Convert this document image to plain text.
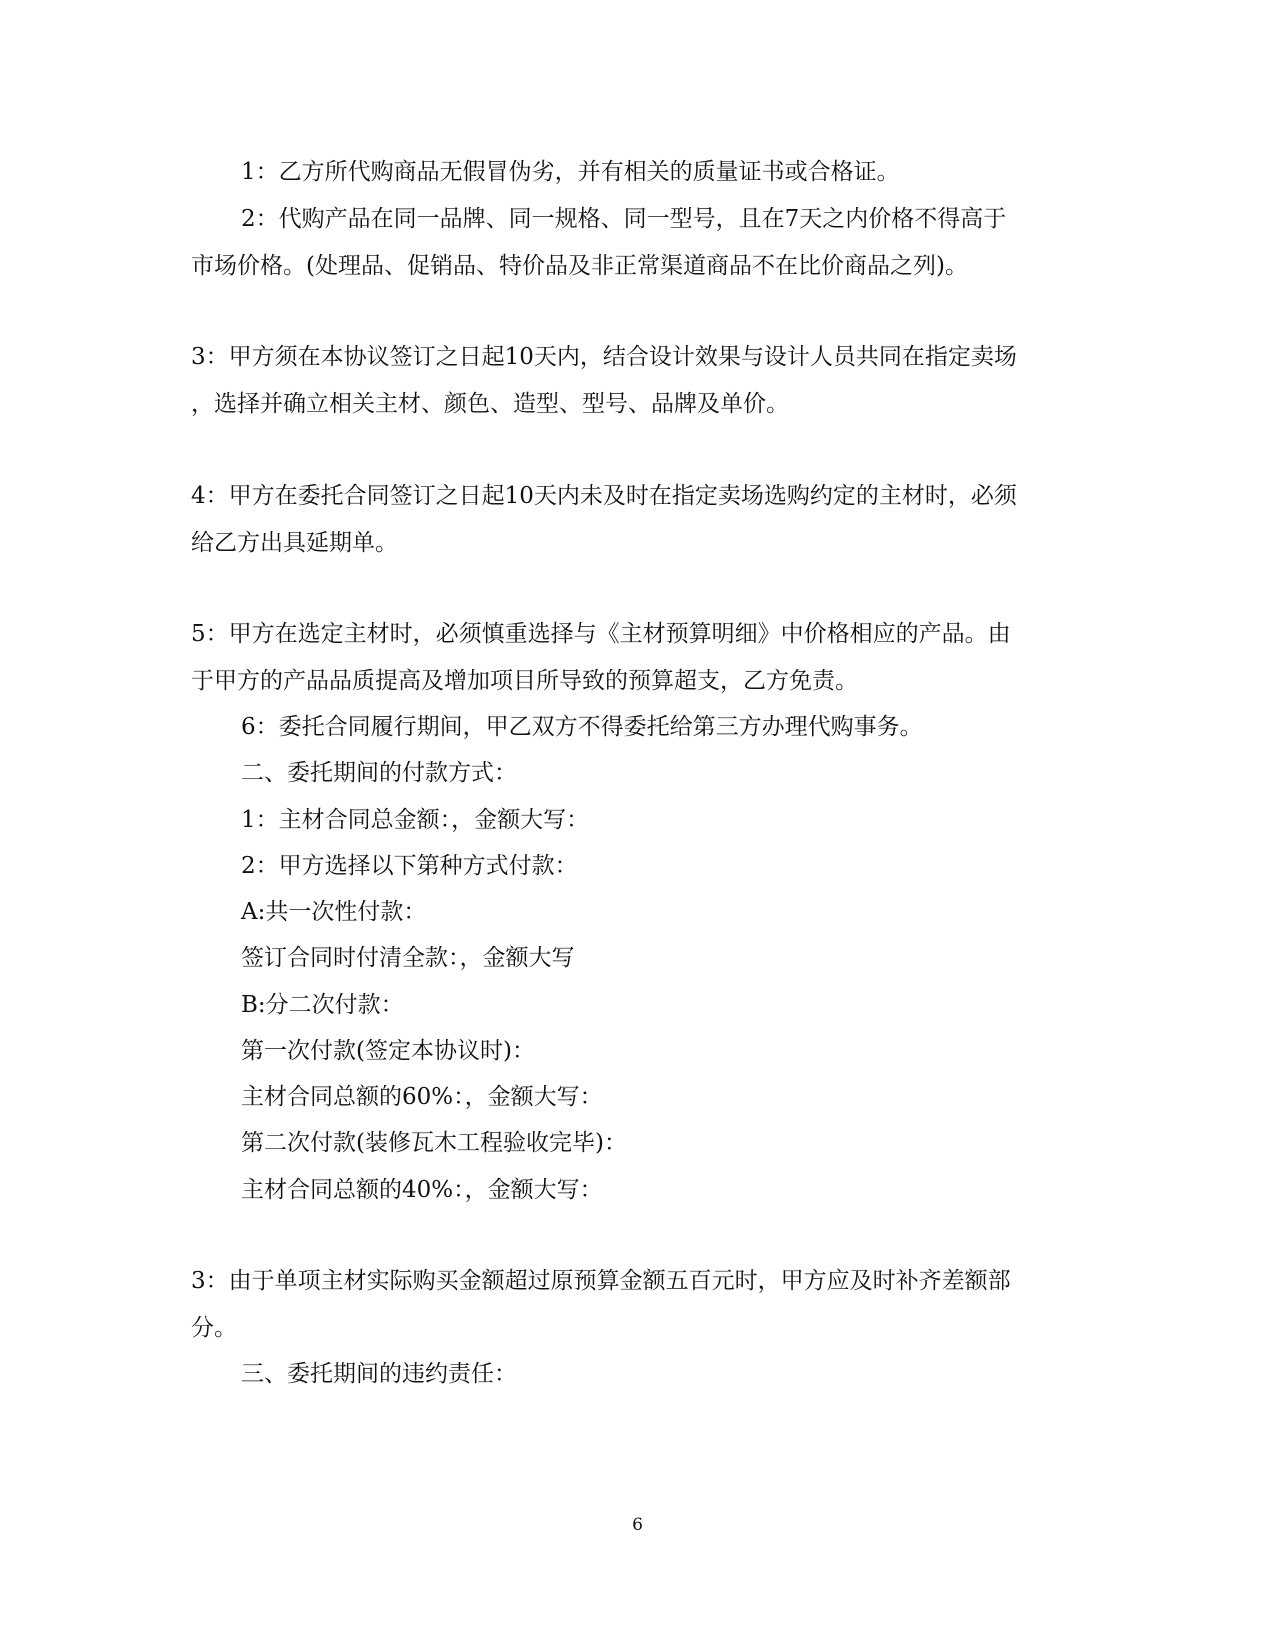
1：乙方所代购商品无假冒伪劣，并有相关的质量证书或合格证。
2：代购产品在同一品牌、同一规格、同一型号，且在7天之内价格不得高于
市场价格。(处理品、促销品、特价品及非正常渠道商品不在比价商品之列)。
3：甲方须在本协议签订之日起10天内，结合设计效果与设计人员共同在指定卖场
，选择并确立相关主材、颜色、造型、型号、品牌及单价。
4：甲方在委托合同签订之日起10天内未及时在指定卖场选购约定的主材时，必须
给乙方出具延期单。
5：甲方在选定主材时，必须慎重选择与《主材预算明细》中价格相应的产品。由
于甲方的产品品质提高及增加项目所导致的预算超支，乙方免责。
6：委托合同履行期间，甲乙双方不得委托给第三方办理代购事务。
二、委托期间的付款方式：
1：主材合同总金额：，金额大写：
2：甲方选择以下第种方式付款：
A:共一次性付款：
签订合同时付清全款：，金额大写
B:分二次付款：
第一次付款(签定本协议时)：
主材合同总额的60%：，金额大写：
第二次付款(装修瓦木工程验收完毕)：
主材合同总额的40%：，金额大写：
3：由于单项主材实际购买金额超过原预算金额五百元时，甲方应及时补齐差额部
分。
三、委托期间的违约责任：
6
